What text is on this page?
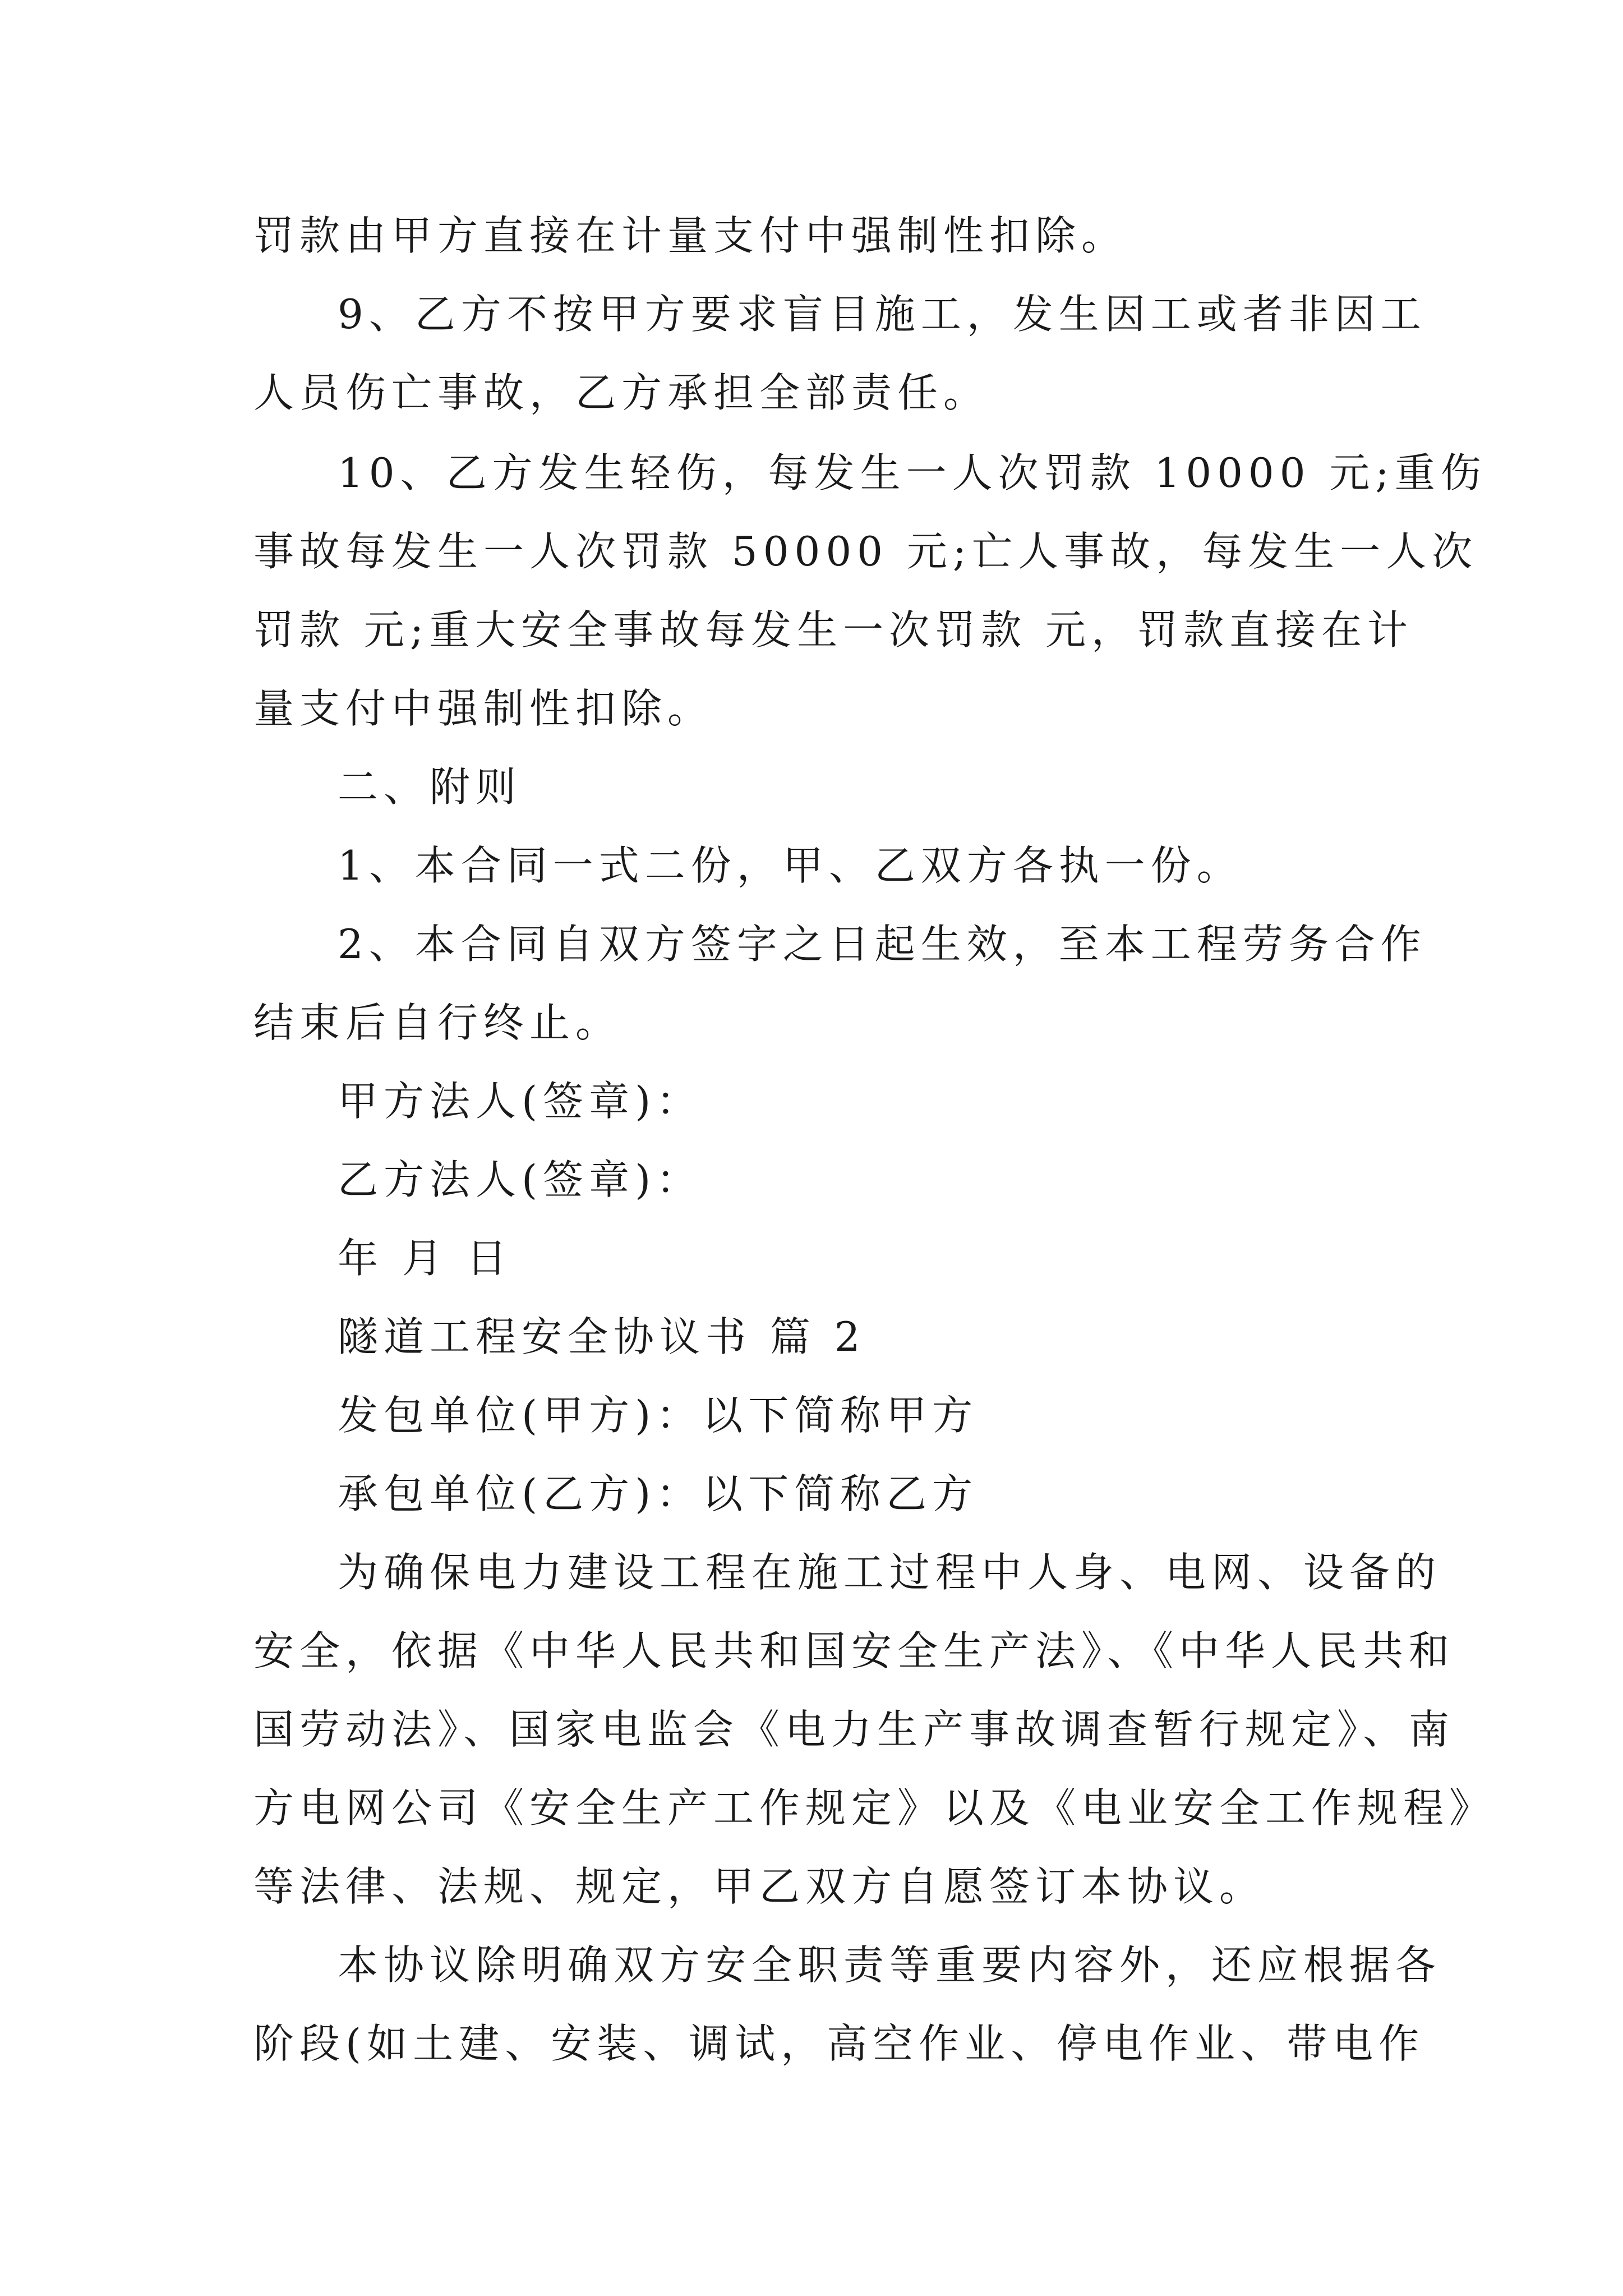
罚款由甲方直接在计量支付中强制性扣除。
9、乙方不按甲方要求盲目施工，发生因工或者非因工
人员伤亡事故，乙方承担全部责任。
10、乙方发生轻伤，每发生一人次罚款 10000 元;重伤
事故每发生一人次罚款 50000 元;亡人事故，每发生一人次
罚款 元;重大安全事故每发生一次罚款 元，罚款直接在计
量支付中强制性扣除。
二、附则
1、本合同一式二份，甲、乙双方各执一份。
2、本合同自双方签字之日起生效，至本工程劳务合作
结束后自行终止。
甲方法人(签章)：
乙方法人(签章)：
年 月 日
隧道工程安全协议书 篇 2
发包单位(甲方)：以下简称甲方
承包单位(乙方)：以下简称乙方
为确保电力建设工程在施工过程中人身、电网、设备的
安全，依据《中华人民共和国安全生产法》、《中华人民共和
国劳动法》、国家电监会《电力生产事故调查暂行规定》、南
方电网公司《安全生产工作规定》以及《电业安全工作规程》
等法律、法规、规定，甲乙双方自愿签订本协议。
本协议除明确双方安全职责等重要内容外，还应根据各
阶段(如土建、安装、调试，高空作业、停电作业、带电作
